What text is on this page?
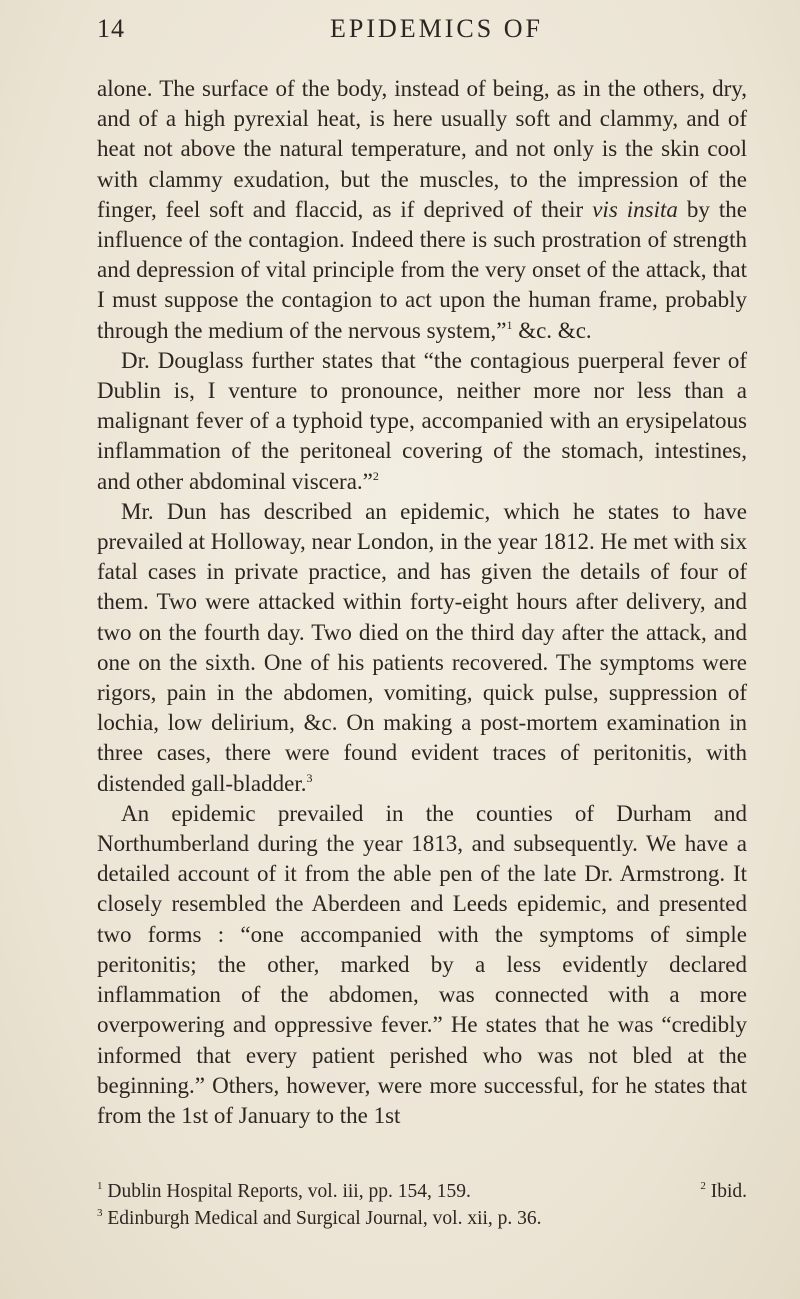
14	EPIDEMICS OF

alone. The surface of the body, instead of being, as in the others, dry, and of a high pyrexial heat, is here usually soft and clammy, and of heat not above the natural temperature, and not only is the skin cool with clammy exudation, but the muscles, to the impression of the finger, feel soft and flaccid, as if deprived of their vis insita by the influence of the contagion. Indeed there is such prostration of strength and depression of vital principle from the very onset of the attack, that I must suppose the contagion to act upon the human frame, probably through the medium of the nervous system,”$^1$ &c. &c.

Dr. Douglass further states that “the contagious puerperal fever of Dublin is, I venture to pronounce, neither more nor less than a malignant fever of a typhoid type, accompanied with an erysipelatous inflammation of the peritoneal covering of the stomach, intestines, and other abdominal viscera.”$^2$

Mr. Dun has described an epidemic, which he states to have prevailed at Holloway, near London, in the year 1812. He met with six fatal cases in private practice, and has given the details of four of them. Two were attacked within forty-eight hours after delivery, and two on the fourth day. Two died on the third day after the attack, and one on the sixth. One of his patients recovered. The symptoms were rigors, pain in the abdomen, vomiting, quick pulse, suppression of lochia, low delirium, &c. On making a post-mortem examination in three cases, there were found evident traces of peritonitis, with distended gall-bladder.$^3$

An epidemic prevailed in the counties of Durham and Northumberland during the year 1813, and subsequently. We have a detailed account of it from the able pen of the late Dr. Armstrong. It closely resembled the Aberdeen and Leeds epidemic, and presented two forms : “one accompanied with the symptoms of simple peritonitis; the other, marked by a less evidently declared inflammation of the abdomen, was connected with a more overpowering and oppressive fever.” He states that he was “credibly informed that every patient perished who was not bled at the beginning.” Others, however, were more successful, for he states that from the 1st of January to the 1st

$^1$ Dublin Hospital Reports, vol. iii, pp. 154, 159.	$^2$ Ibid.
$^3$ Edinburgh Medical and Surgical Journal, vol. xii, p. 36.
